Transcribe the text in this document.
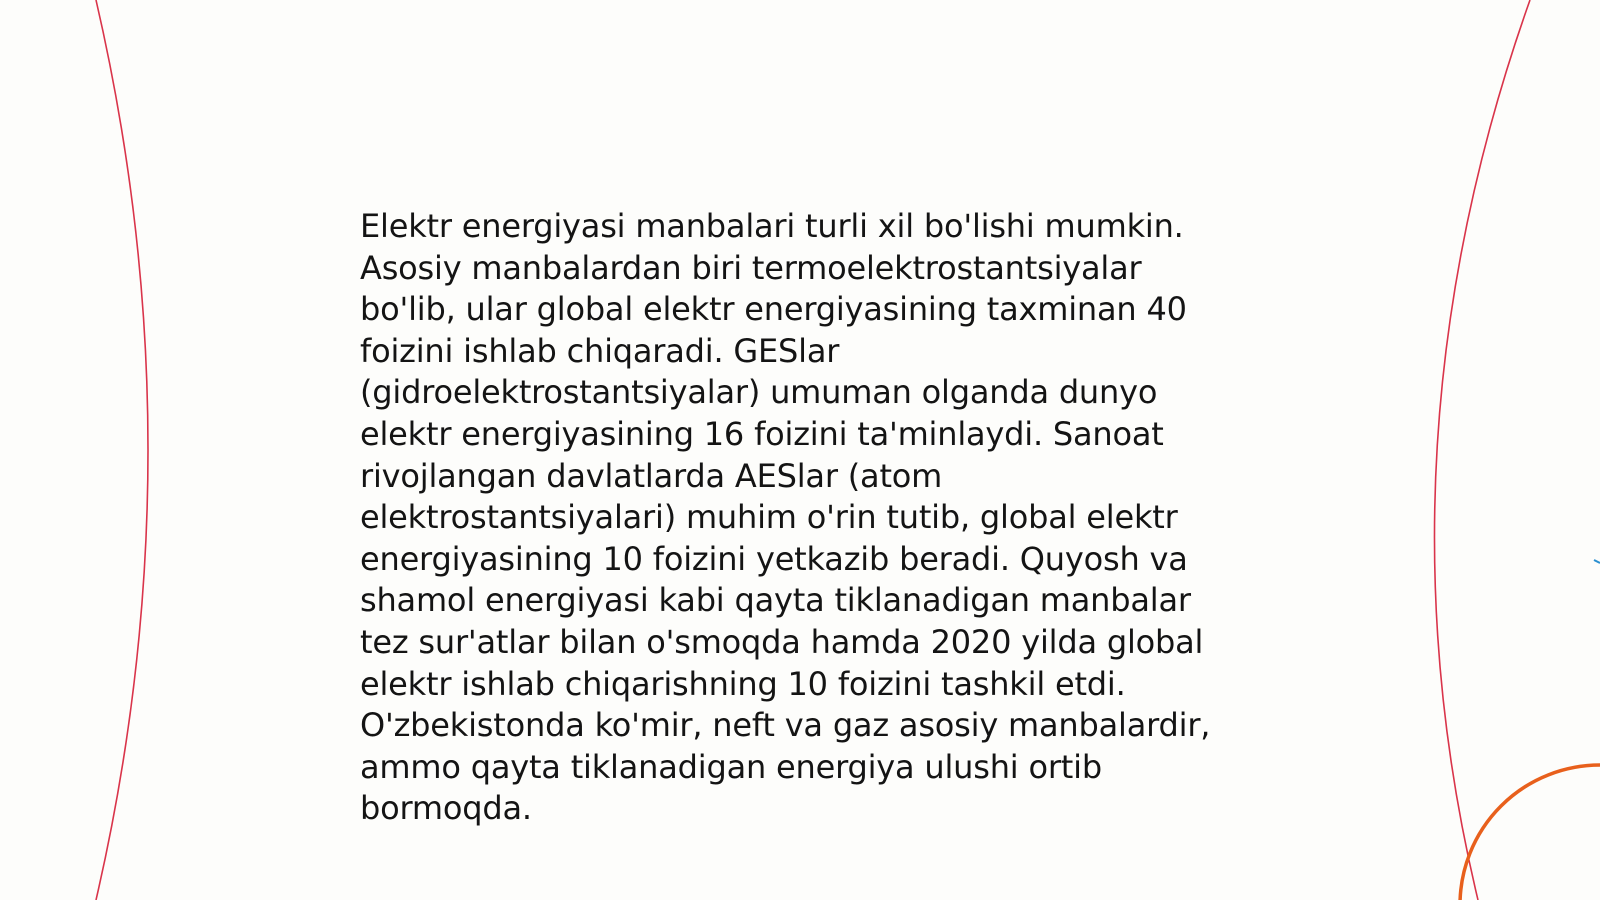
Elektr energiyasi manbalari turli xil bo'lishi mumkin. Asosiy manbalardan biri termoelektrostantsiyalar bo'lib, ular global elektr energiyasining taxminan 40 foizini ishlab chiqaradi. GESlar (gidroelektrostantsiyalar) umuman olganda dunyo elektr energiyasining 16 foizini ta'minlaydi. Sanoat rivojlangan davlatlarda AESlar (atom elektrostantsiyalari) muhim o'rin tutib, global elektr energiyasining 10 foizini yetkazib beradi. Quyosh va shamol energiyasi kabi qayta tiklanadigan manbalar tez sur'atlar bilan o'smoqda hamda 2020 yilda global elektr ishlab chiqarishning 10 foizini tashkil etdi. O'zbekistonda ko'mir, neft va gaz asosiy manbalardir, ammo qayta tiklanadigan energiya ulushi ortib bormoqda.
